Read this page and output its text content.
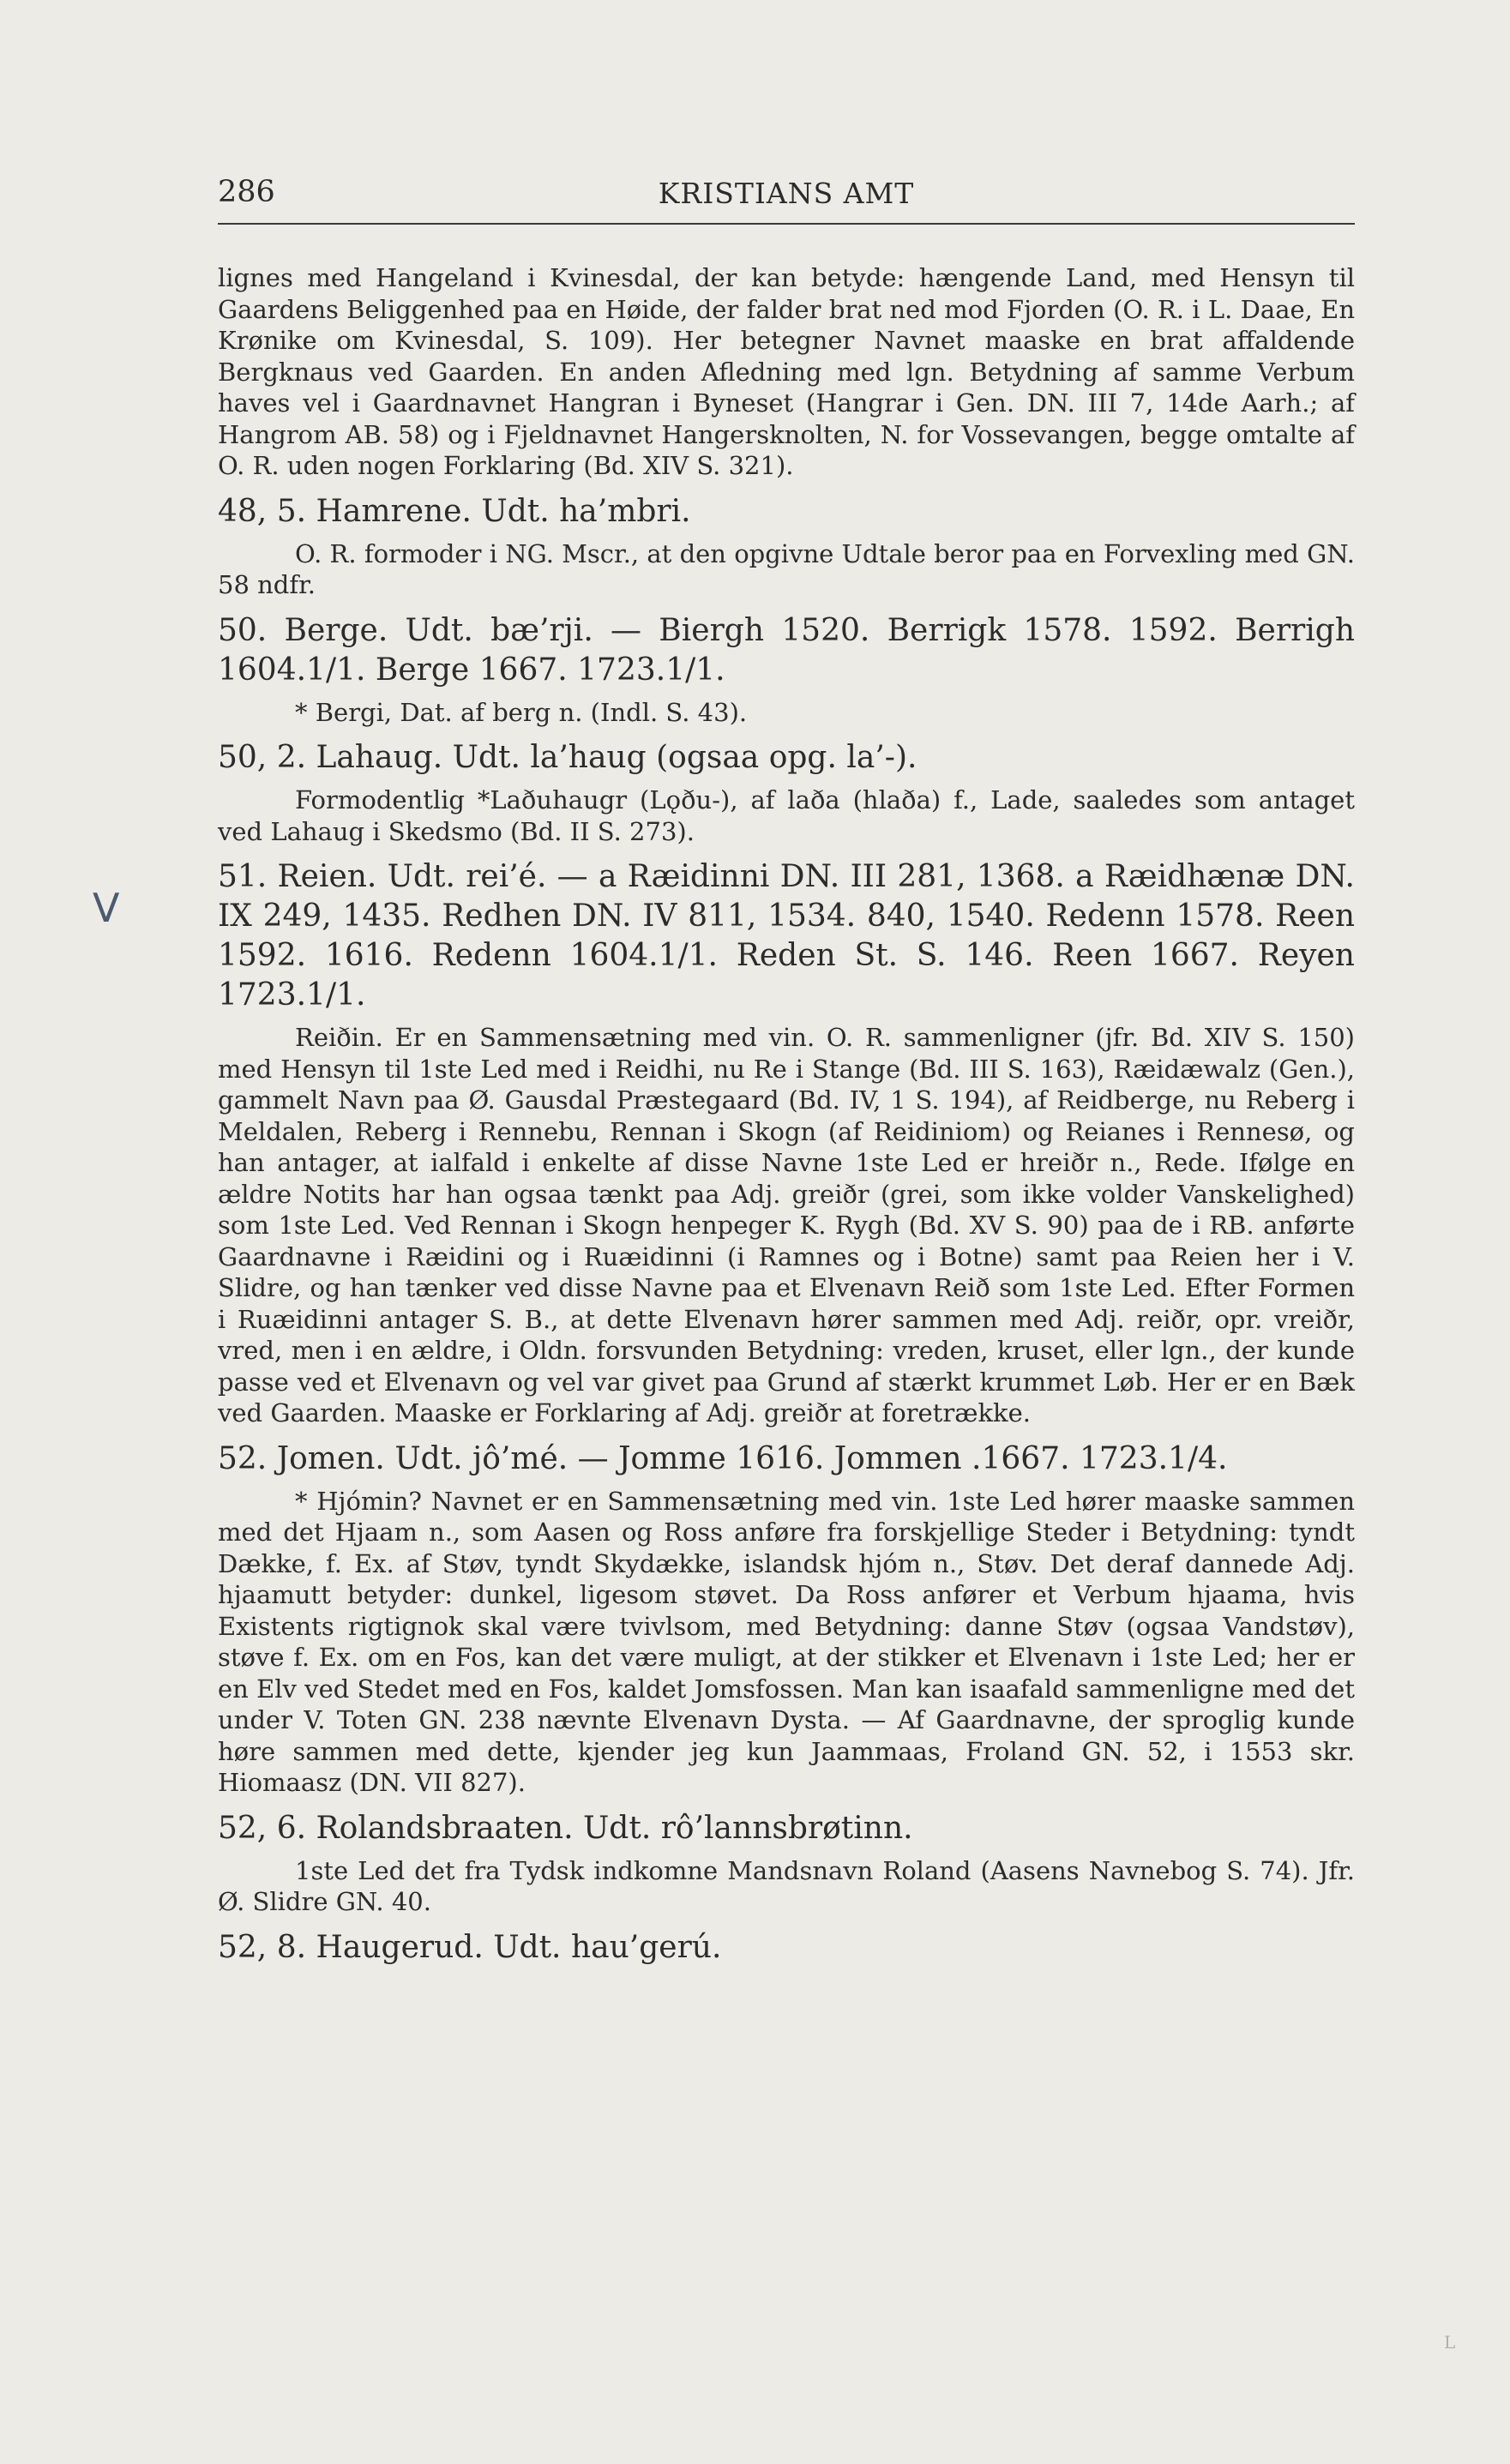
286	KRISTIANS AMT

lignes med Hangeland i Kvinesdal, der kan betyde: hængende Land, med Hensyn til Gaardens Beliggenhed paa en Høide, der falder brat ned mod Fjorden (O. R. i L. Daae, En Krønike om Kvinesdal, S. 109). Her betegner Navnet maaske en brat affaldende Bergknaus ved Gaarden. En anden Afledning med lgn. Betydning af samme Verbum haves vel i Gaardnavnet Hangran i Byneset (Hangrar i Gen. DN. III 7, 14de Aarh.; af Hangrom AB. 58) og i Fjeldnavnet Hangersknolten, N. for Vossevangen, begge omtalte af O. R. uden nogen Forklaring (Bd. XIV S. 321).

48, 5. Hamrene. Udt. ha’mbri.

O. R. formoder i NG. Mscr., at den opgivne Udtale beror paa en Forvexling med GN. 58 ndfr.

50. Berge. Udt. bæ’rji. — Biergh 1520. Berrigk 1578. 1592. Berrigh 1604.1/1. Berge 1667. 1723.1/1.

* Bergi, Dat. af berg n. (Indl. S. 43).

50, 2. Lahaug. Udt. la’haug (ogsaa opg. la’-).

Formodentlig *Laðuhaugr (Lǫðu-), af laða (hlaða) f., Lade, saaledes som antaget ved Lahaug i Skedsmo (Bd. II S. 273).

51. Reien. Udt. rei’é. — a Ræidinni DN. III 281, 1368. a Ræidhænæ DN. IX 249, 1435. Redhen DN. IV 811, 1534. 840, 1540. Redenn 1578. Reen 1592. 1616. Redenn 1604.1/1. Reden St. S. 146. Reen 1667. Reyen 1723.1/1.

Reiðin. Er en Sammensætning med vin. O. R. sammenligner (jfr. Bd. XIV S. 150) med Hensyn til 1ste Led med i Reidhi, nu Re i Stange (Bd. III S. 163), Ræidæwalz (Gen.), gammelt Navn paa Ø. Gausdal Præstegaard (Bd. IV, 1 S. 194), af Reidberge, nu Reberg i Meldalen, Reberg i Rennebu, Rennan i Skogn (af Reidiniom) og Reianes i Rennesø, og han antager, at ialfald i enkelte af disse Navne 1ste Led er hreiðr n., Rede. Ifølge en ældre Notits har han ogsaa tænkt paa Adj. greiðr (grei, som ikke volder Vanskelighed) som 1ste Led. Ved Rennan i Skogn henpeger K. Rygh (Bd. XV S. 90) paa de i RB. anførte Gaardnavne i Ræidini og i Ruæidinni (i Ramnes og i Botne) samt paa Reien her i V. Slidre, og han tænker ved disse Navne paa et Elvenavn Reið som 1ste Led. Efter Formen i Ruæidinni antager S. B., at dette Elvenavn hører sammen med Adj. reiðr, opr. vreiðr, vred, men i en ældre, i Oldn. forsvunden Betydning: vreden, kruset, eller lgn., der kunde passe ved et Elvenavn og vel var givet paa Grund af stærkt krummet Løb. Her er en Bæk ved Gaarden. Maaske er Forklaring af Adj. greiðr at foretrække.

52. Jomen. Udt. jô’mé. — Jomme 1616. Jommen .1667. 1723.1/4.

* Hjómin? Navnet er en Sammensætning med vin. 1ste Led hører maaske sammen med det Hjaam n., som Aasen og Ross anføre fra forskjellige Steder i Betydning: tyndt Dække, f. Ex. af Støv, tyndt Skydække, islandsk hjóm n., Støv. Det deraf dannede Adj. hjaamutt betyder: dunkel, ligesom støvet. Da Ross anfører et Verbum hjaama, hvis Existents rigtignok skal være tvivlsom, med Betydning: danne Støv (ogsaa Vandstøv), støve f. Ex. om en Fos, kan det være muligt, at der stikker et Elvenavn i 1ste Led; her er en Elv ved Stedet med en Fos, kaldet Jomsfossen. Man kan isaafald sammenligne med det under V. Toten GN. 238 nævnte Elvenavn Dysta. — Af Gaardnavne, der sproglig kunde høre sammen med dette, kjender jeg kun Jaammaas, Froland GN. 52, i 1553 skr. Hiomaasz (DN. VII 827).

52, 6. Rolandsbraaten. Udt. rô’lannsbrøtinn.

1ste Led det fra Tydsk indkomne Mandsnavn Roland (Aasens Navnebog S. 74). Jfr. Ø. Slidre GN. 40.

52, 8. Haugerud. Udt. hau’gerú.
V
L
